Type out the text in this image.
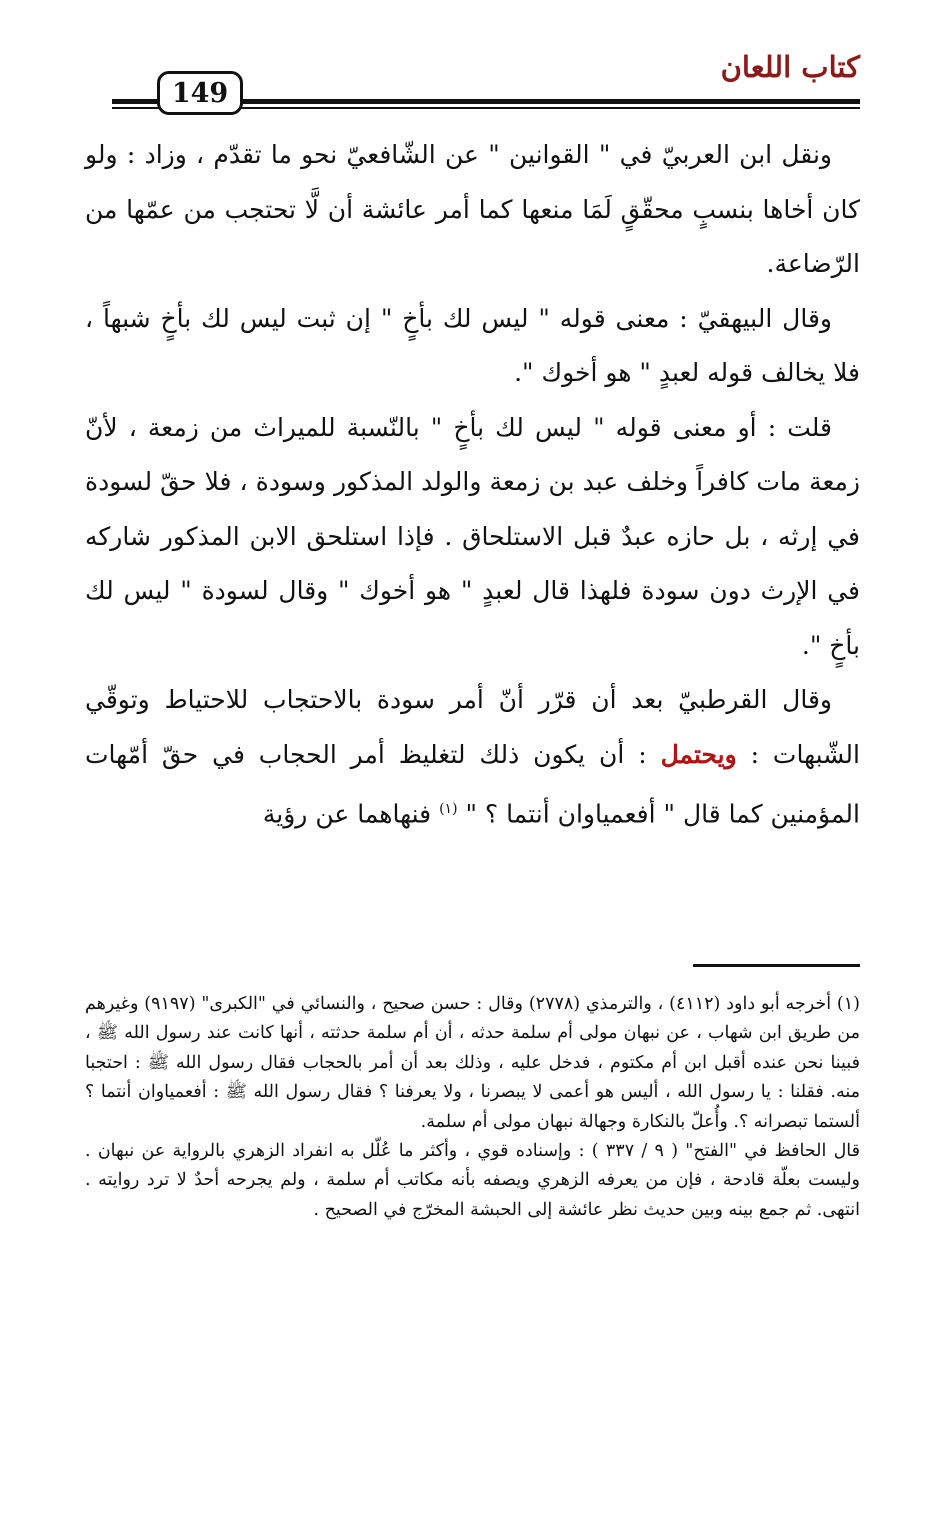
كتاب اللعان
149

ونقل ابن العربيّ في " القوانين " عن الشّافعيّ نحو ما تقدّم ، وزاد : ولو كان أخاها بنسبٍ محقّقٍ لَمَا منعها كما أمر عائشة أن لَّا تحتجب من عمّها من الرّضاعة.

وقال البيهقيّ : معنى قوله " ليس لك بأخٍ " إن ثبت ليس لك بأخٍ شبهاً ، فلا يخالف قوله لعبدٍ " هو أخوك ".

قلت : أو معنى قوله " ليس لك بأخٍ " بالنّسبة للميراث من زمعة ، لأنّ زمعة مات كافراً وخلف عبد بن زمعة والولد المذكور وسودة ، فلا حقّ لسودة في إرثه ، بل حازه عبدٌ قبل الاستلحاق . فإذا استلحق الابن المذكور شاركه في الإرث دون سودة فلهذا قال لعبدٍ " هو أخوك " وقال لسودة " ليس لك بأخٍ ".

وقال القرطبيّ بعد أن قرّر أنّ أمر سودة بالاحتجاب للاحتياط وتوقّي الشّبهات : ويحتمل : أن يكون ذلك لتغليظ أمر الحجاب في حقّ أمّهات المؤمنين كما قال " أفعمياوان أنتما ؟ " $^{(١)}$ فنهاهما عن رؤية

(١) أخرجه أبو داود (٤١١٢) ، والترمذي (٢٧٧٨) وقال : حسن صحيح ، والنسائي في "الكبرى" (٩١٩٧) وغيرهم من طريق ابن شهاب ، عن نبهان مولى أم سلمة حدثه ، أن أم سلمة حدثته ، أنها كانت عند رسول الله ﷺ ، فبينا نحن عنده أقبل ابن أم مكتوم ، فدخل عليه ، وذلك بعد أن أمر بالحجاب فقال رسول الله ﷺ : احتجبا منه. فقلنا : يا رسول الله ، أليس هو أعمى لا يبصرنا ، ولا يعرفنا ؟ فقال رسول الله ﷺ : أفعمياوان أنتما ؟ ألستما تبصرانه ؟. وأُعلّ بالنكارة وجهالة نبهان مولى أم سلمة.

قال الحافظ في "الفتح" ( ٩ / ٣٣٧ ) : وإسناده قوي ، وأكثر ما عُلّل به انفراد الزهري بالرواية عن نبهان . وليست بعلّة قادحة ، فإن من يعرفه الزهري ويصفه بأنه مكاتب أم سلمة ، ولم يجرحه أحدٌ لا ترد روايته . انتهى. ثم جمع بينه وبين حديث نظر عائشة إلى الحبشة المخرّج في الصحيح .
